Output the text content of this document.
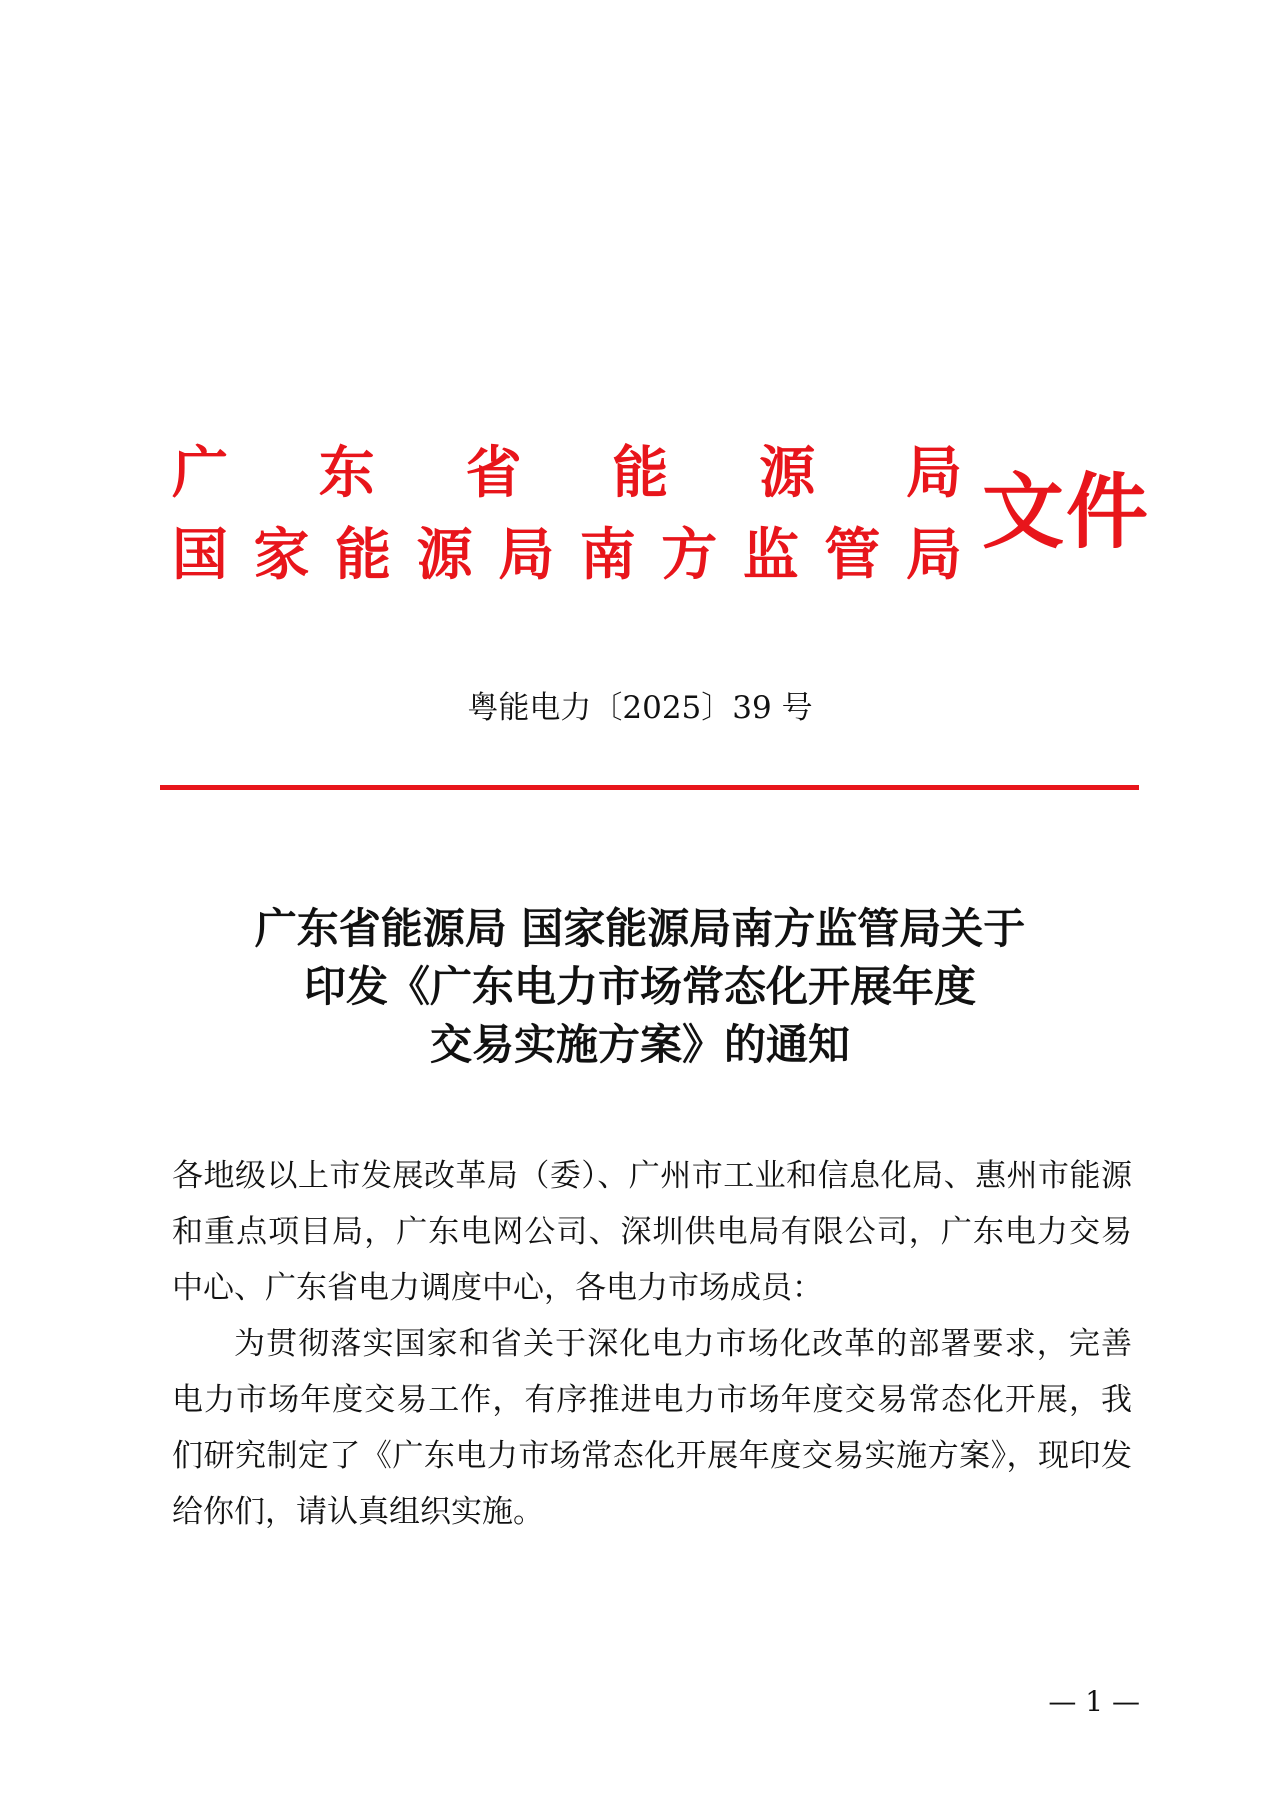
广 东 省 能 源 局
国 家 能 源 局 南 方 监 管 局 文件
粤能电力〔2025〕39 号
广东省能源局 国家能源局南方监管局关于
印发《广东电力市场常态化开展年度
交易实施方案》的通知

各地级以上市发展改革局（委）、广州市工业和信息化局、惠州市能源和重点项目局，广东电网公司、深圳供电局有限公司，广东电力交易中心、广东省电力调度中心，各电力市场成员：

为贯彻落实国家和省关于深化电力市场化改革的部署要求，完善电力市场年度交易工作，有序推进电力市场年度交易常态化开展，我们研究制定了《广东电力市场常态化开展年度交易实施方案》，现印发给你们，请认真组织实施。

— 1 —
